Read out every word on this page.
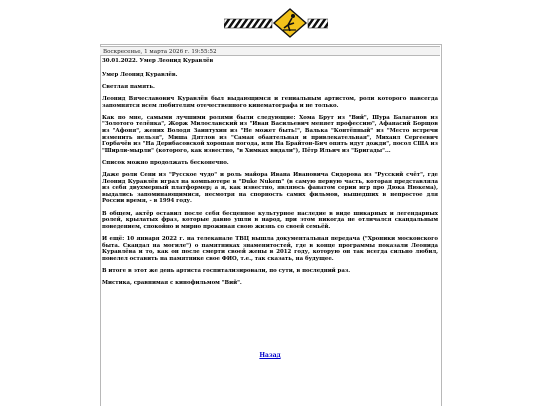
Воскресенье, 1 марта 2026 г. 19:55:52

30.01.2022. Умер Леонид Куравлёв

Умер Леонид Куравлёв.

Светлая память.

Леонид Вячеславович Куравлёв был выдающимся и гениальным артистом, роли которого навсегда запомнятся всем любителям отечественного кинематографа и не только.

Как по мне, самыми лучшими ролями были следующие: Хома Брут из "Вий", Шура Балаганов из "Золотого телёнка", Жорж Милославский из "Иван Васильевич меняет профессию", Афанасий Борщов из "Афоня", жених Володя Заинтухин из "Не может быть!", Валька "Контёпный" из "Место встречи изменить нельзя", Миша Дятлов из "Самая обаятельная и привлекательная", Михаил Сергеевич Горбачёв из "На Дерибасовской хорошая погода, или На Брайтон-Бич опять идут дожди", посол США из "Ширли-мырли" (которого, как известно, "в Химках видали"), Пётр Ильич из "Бригады"...

Список можно продолжать бесконечно.

Даже роли Сени из "Русское чудо" и роль майора Ивана Ивановича Сидорова из "Русский счёт", где Леонид Куравлёв играл на компьютере в "Duke Nukem" (в самую первую часть, которая представляла из себя двухмерный платформер; а я, как известно, являюсь фанатом серии игр про Дюка Нюкема), выдались запоминающимися, несмотря на спорность самих фильмов, вышедших в непростое для России время, - в 1994 году.

В общем, актёр оставил после себя бесценное культурное наследие в виде шикарных и легендарных ролей, крылатых фраз, которые давно ушли в народ, при этом никогда не отличался скандальным поведением, спокойно и мирно проживая свою жизнь со своей семьёй.

И ещё: 10 января 2022 г. на телеканале ТВЦ вышла документальная передача ("Хроники московского быта. Скандал на могиле") о памятниках знаменитостей, где в конце программы показали Леонида Куравлёва и то, как он после смерти своей жены в 2012 году, которую он так всегда сильно любил, повелел оставить на памятнике свое ФИО, т.е., так сказать, на будущее.

В итоге в этот же день артиста госпитализировали, по сути, в последний раз.

Мистика, сравнимая с кинофильмом "Вий".

Назад
